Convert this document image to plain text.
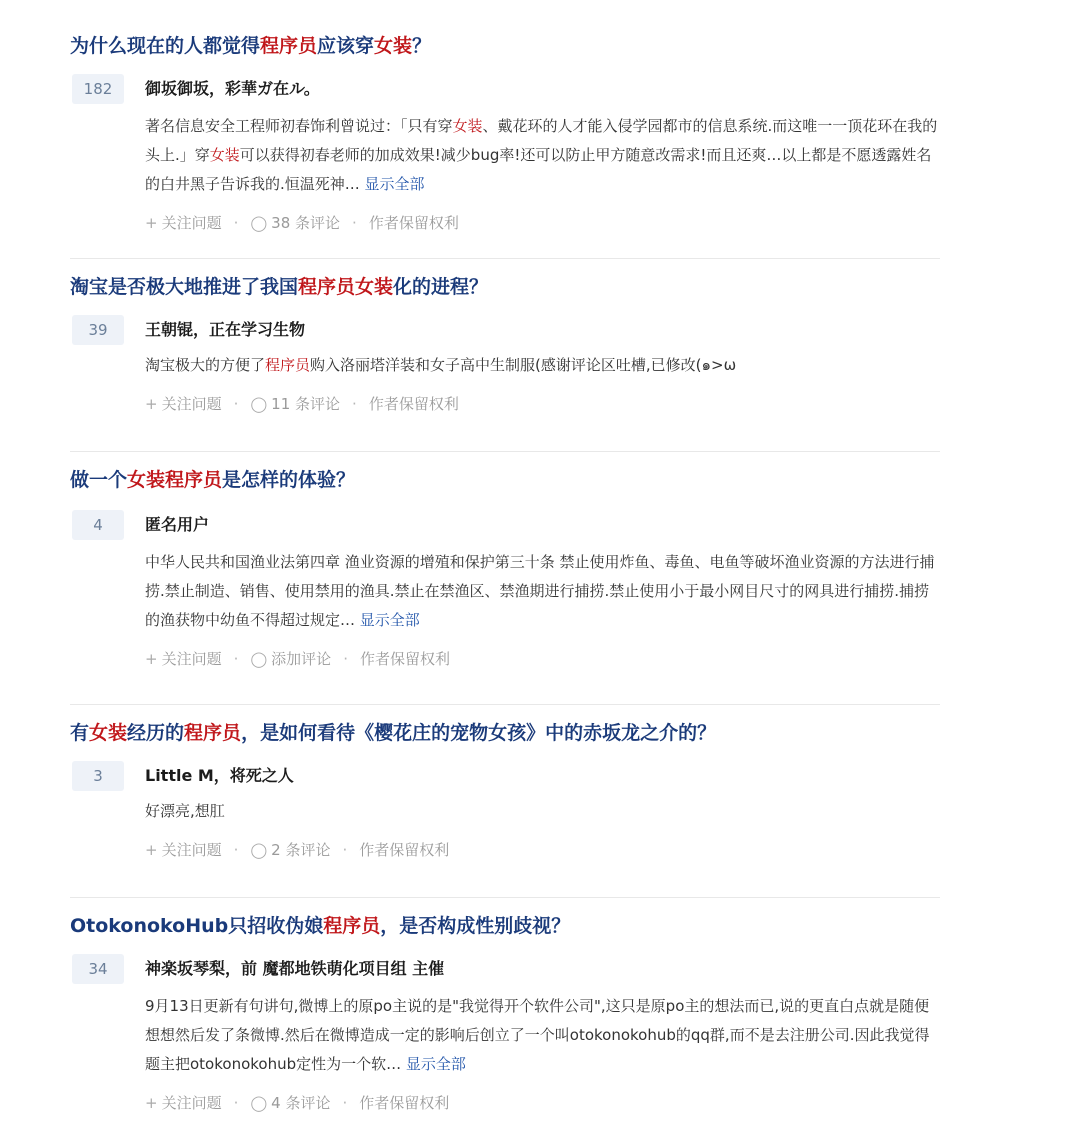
为什么现在的人都觉得程序员应该穿女装？
182	御坂御坂，彩華ガ在ル。
著名信息安全工程师初春饰利曾说过：「只有穿女装、戴花环的人才能入侵学园都市的信息系统.而这唯一一顶花环在我的头上.」穿女装可以获得初春老师的加成效果!减少bug率!还可以防止甲方随意改需求!而且还爽…以上都是不愿透露姓名的白井黑子告诉我的.恒温死神… 显示全部
+ 关注问题 · ◯ 38 条评论 · 作者保留权利
淘宝是否极大地推进了我国程序员女装化的进程？
39	王朝锟，正在学习生物
淘宝极大的方便了程序员购入洛丽塔洋装和女子高中生制服(感谢评论区吐槽,已修改(๑>ω
+ 关注问题 · ◯ 11 条评论 · 作者保留权利
做一个女装程序员是怎样的体验？
4	匿名用户
中华人民共和国渔业法第四章 渔业资源的增殖和保护第三十条 禁止使用炸鱼、毒鱼、电鱼等破坏渔业资源的方法进行捕捞.禁止制造、销售、使用禁用的渔具.禁止在禁渔区、禁渔期进行捕捞.禁止使用小于最小网目尺寸的网具进行捕捞.捕捞的渔获物中幼鱼不得超过规定… 显示全部
+ 关注问题 · ◯ 添加评论 · 作者保留权利
有女装经历的程序员，是如何看待《樱花庄的宠物女孩》中的赤坂龙之介的？
3	Little M，将死之人
好漂亮,想肛
+ 关注问题 · ◯ 2 条评论 · 作者保留权利
OtokonokoHub只招收伪娘程序员，是否构成性别歧视？
34	神楽坂琴梨，前 魔都地铁萌化项目组 主催
9月13日更新有句讲句,微博上的原po主说的是"我觉得开个软件公司",这只是原po主的想法而已,说的更直白点就是随便想想然后发了条微博.然后在微博造成一定的影响后创立了一个叫otokonokohub的qq群,而不是去注册公司.因此我觉得题主把otokonokohub定性为一个软… 显示全部
+ 关注问题 · ◯ 4 条评论 · 作者保留权利
